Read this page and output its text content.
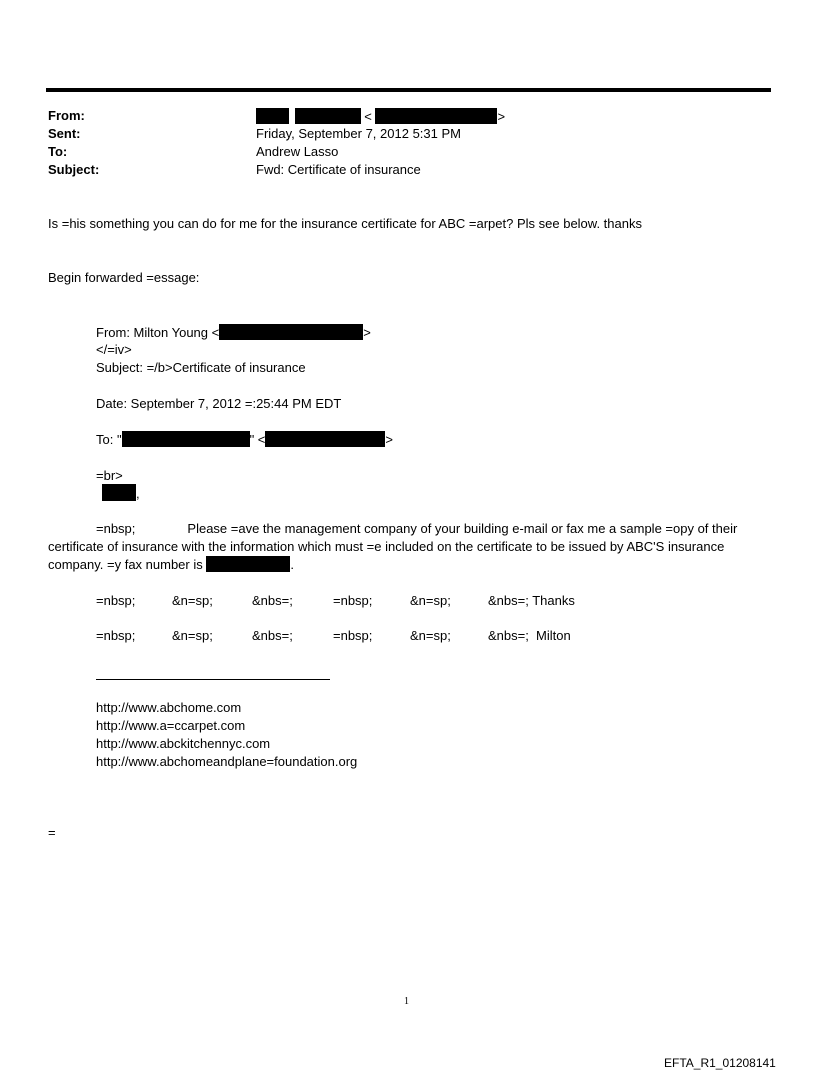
From:	<	>
Sent:	Friday, September 7, 2012 5:31 PM
To:	Andrew Lasso
Subject:	Fwd: Certificate of insurance
Is =his something you can do for me for the insurance certificate for ABC =arpet? Pls see below. thanks
Begin forwarded =essage:
From: Milton Young <	>
</=iv>
Subject: =/b>Certificate of insurance
Date: September 7, 2012 =:25:44 PM EDT
To: "	" <	>
=br>
,
=nbsp;	Please =ave the management company of your building e-mail or fax me a sample =opy of their certificate of insurance with the information which must =e included on the certificate to be issued by ABC'S insurance company. =y fax number is	.
=nbsp;	&n=sp;	&nbs=;	=nbsp;	&n=sp;	&nbs=; Thanks
=nbsp;	&n=sp;	&nbs=;	=nbsp;	&n=sp;	&nbs=;  Milton
http://www.abchome.com
http://www.a=ccarpet.com
http://www.abckitchennyc.com
http://www.abchomeandplane=foundation.org
=
1
EFTA_R1_01208141
